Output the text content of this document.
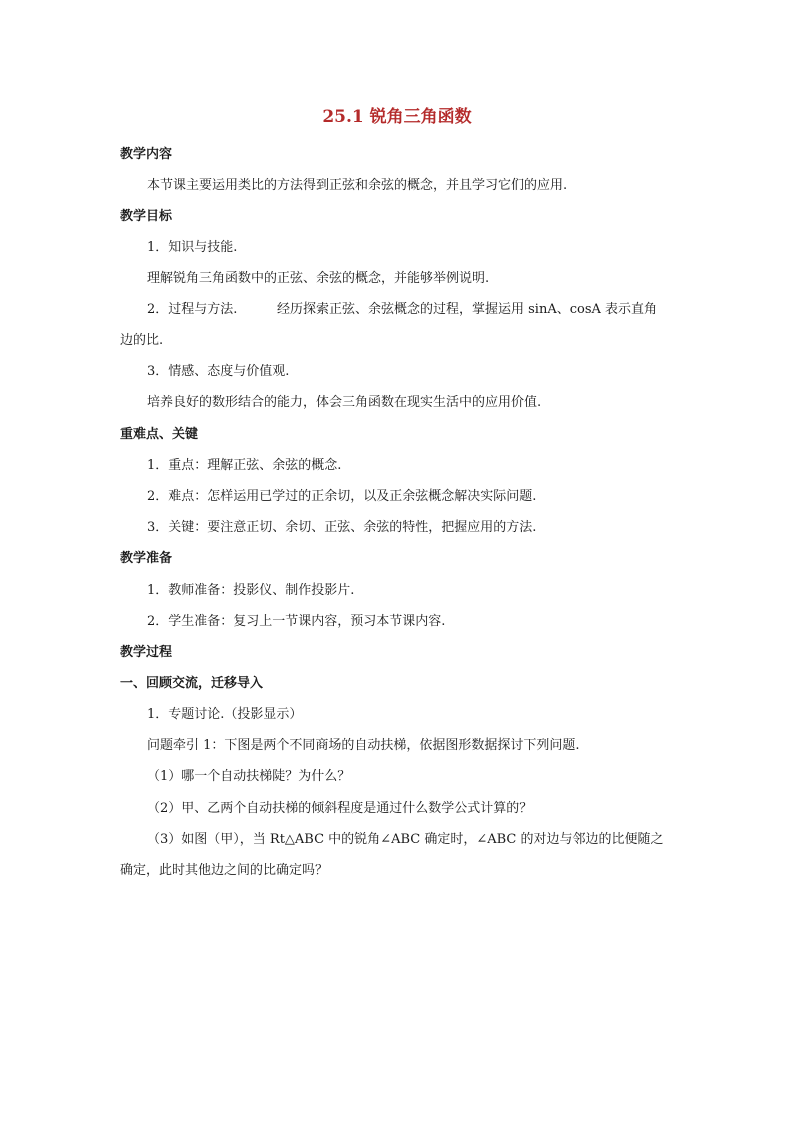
25.1 锐角三角函数
教学内容
本节课主要运用类比的方法得到正弦和余弦的概念，并且学习它们的应用.
教学目标
1．知识与技能.
理解锐角三角函数中的正弦、余弦的概念，并能够举例说明.
2．过程与方法.	经历探索正弦、余弦概念的过程，掌握运用 sinA、cosA 表示直角
边的比.
3．情感、态度与价值观.
培养良好的数形结合的能力，体会三角函数在现实生活中的应用价值.
重难点、关键
1．重点：理解正弦、余弦的概念.
2．难点：怎样运用已学过的正余切，以及正余弦概念解决实际问题.
3．关键：要注意正切、余切、正弦、余弦的特性，把握应用的方法.
教学准备
1．教师准备：投影仪、制作投影片.
2．学生准备：复习上一节课内容，预习本节课内容.
教学过程
一、回顾交流，迁移导入
1．专题讨论.（投影显示）
问题牵引 1：下图是两个不同商场的自动扶梯，依据图形数据探讨下列问题.
（1）哪一个自动扶梯陡？为什么？
（2）甲、乙两个自动扶梯的倾斜程度是通过什么数学公式计算的？
（3）如图（甲），当 Rt△ABC 中的锐角∠ABC 确定时，∠ABC 的对边与邻边的比便随之
确定，此时其他边之间的比确定吗？
